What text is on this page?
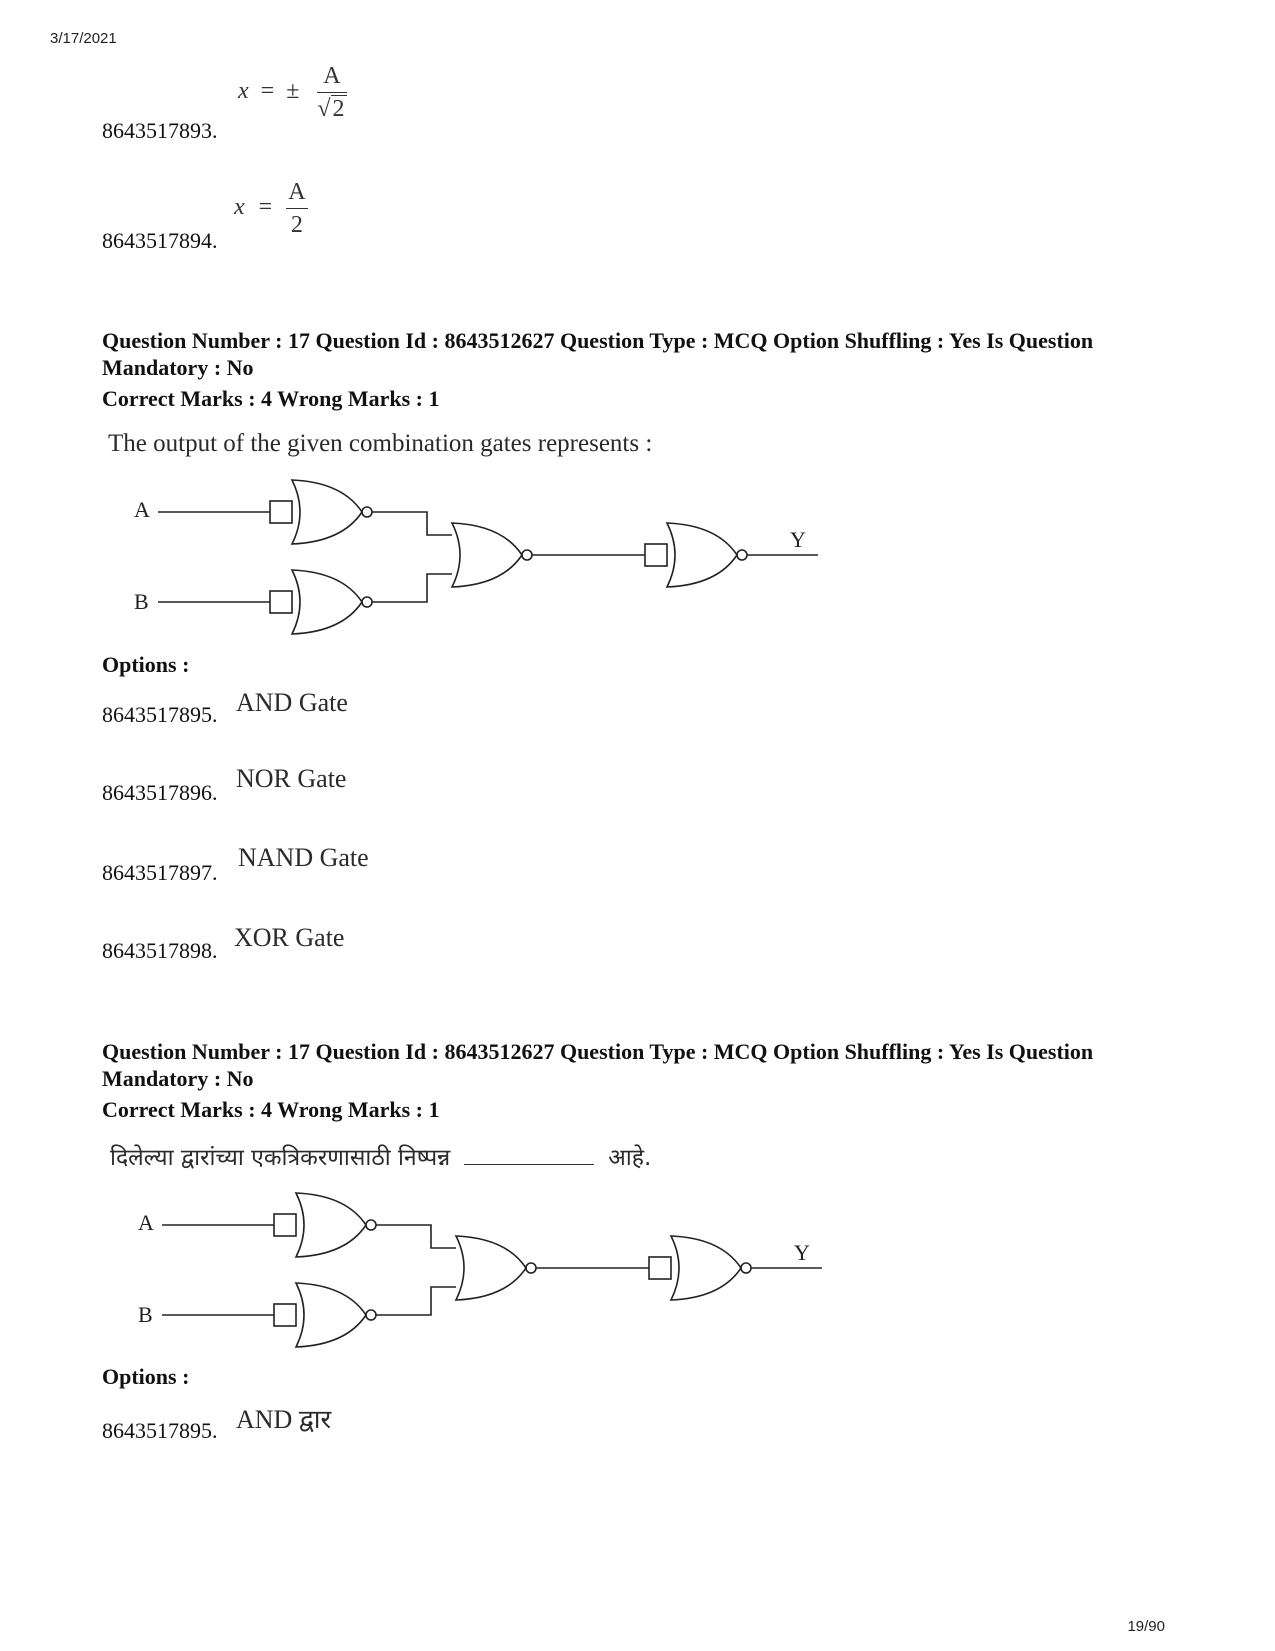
3/17/2021
x = ± $\frac{A}{√2}$
8643517893.
$x = \frac{A}{2}$
8643517894.
Question Number : 17 Question Id : 8643512627 Question Type : MCQ Option Shuffling : Yes Is Question Mandatory : No
Correct Marks : 4 Wrong Marks : 1
The output of the given combination gates represents :
A
B
Y
Options :
8643517895. AND Gate
8643517896. NOR Gate
8643517897.
NAND Gate
8643517898. XOR Gate
Question Number : 17 Question Id : 8643512627 Question Type : MCQ Option Shuffling : Yes Is Question Mandatory : No
Correct Marks : 4 Wrong Marks : 1
दिलेल्या द्वारांच्या एकत्रिकरणासाठी निष्पन्न	आहे.
A
B
Y
Options :
8643517895. AND द्वार
19/90
